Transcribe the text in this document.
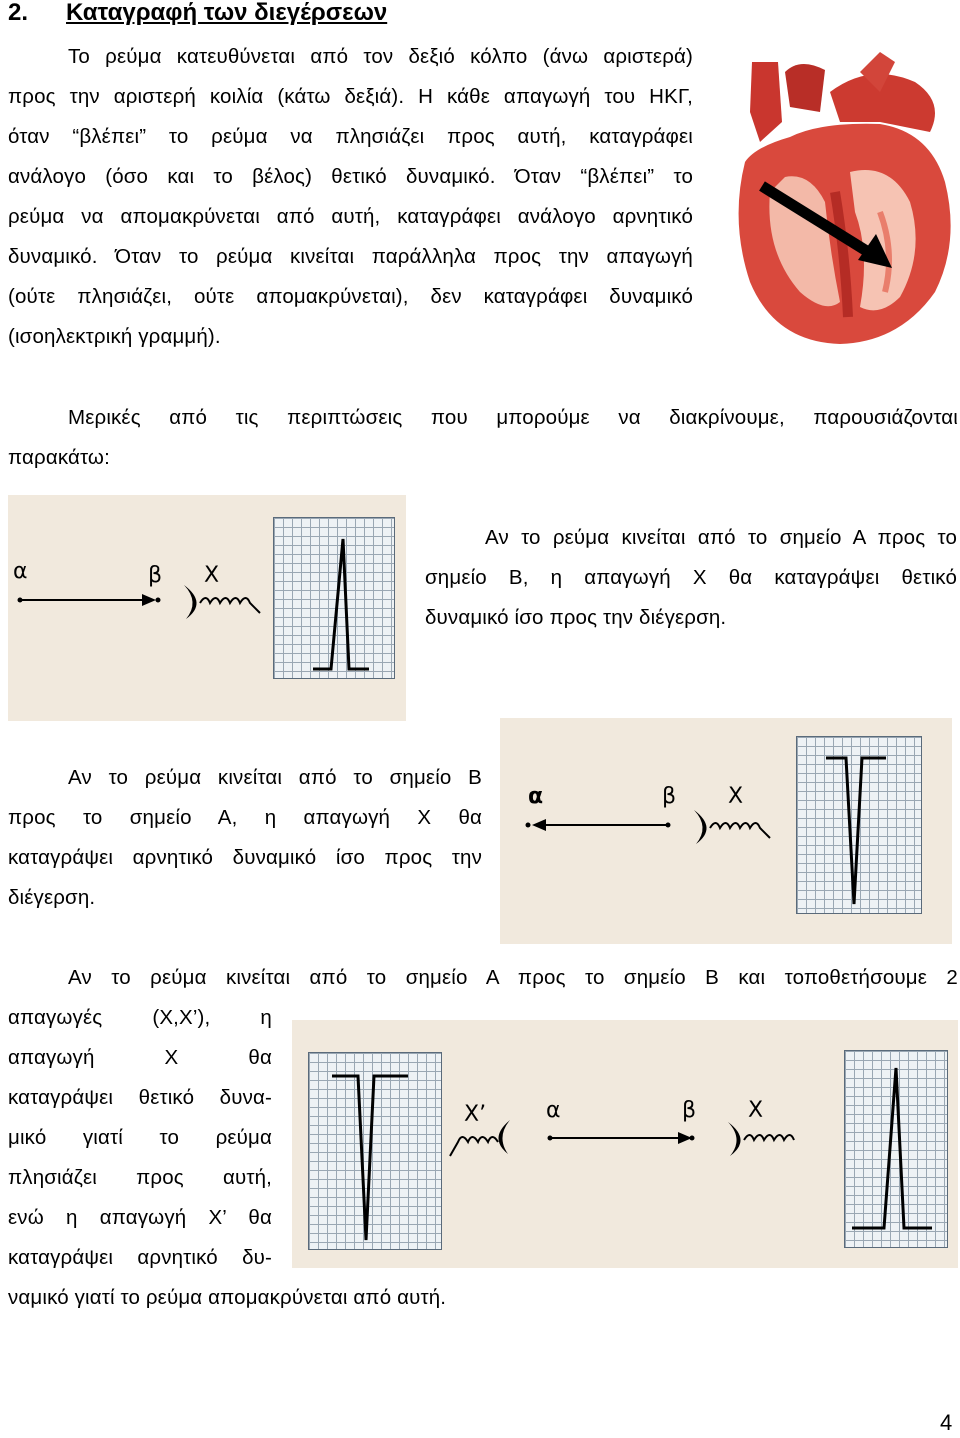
2. Καταγραφή των διεγέρσεων
Το ρεύμα κατευθύνεται από τον δεξιό κόλπο (άνω αριστερά)
προς την αριστερή κοιλία (κάτω δεξιά). Η κάθε απαγωγή του ΗΚΓ,
όταν “βλέπει” το ρεύμα να πλησιάζει προς αυτή, καταγράφει
ανάλογο (όσο και το βέλος) θετικό δυναμικό. Όταν “βλέπει” το
ρεύμα να απομακρύνεται από αυτή, καταγράφει ανάλογο αρνητικό
δυναμικό. Όταν το ρεύμα κινείται παράλληλα προς την απαγωγή
(ούτε πλησιάζει, ούτε απομακρύνεται), δεν καταγράφει δυναμικό
(ισοηλεκτρική γραμμή).
Μερικές από τις περιπτώσεις που μπορούμε να διακρίνουμε, παρουσιάζονται
παρακάτω:
α	β Χ
Αν το ρεύμα κινείται από το σημείο Α προς το
σημείο Β, η απαγωγή Χ θα καταγράψει θετικό
δυναμικό ίσο προς την διέγερση.
Αν το ρεύμα κινείται από το σημείο Β
προς το σημείο Α, η απαγωγή Χ θα
καταγράψει αρνητικό δυναμικό ίσο προς την
διέγερση.
α	β Χ
Αν το ρεύμα κινείται από το σημείο Α προς το σημείο Β και τοποθετήσουμε 2
απαγωγές (Χ,Χ’), η
απαγωγή Χ θα
καταγράψει θετικό δυνα-
μικό γιατί το ρεύμα
πλησιάζει προς αυτή,
ενώ η απαγωγή Χ’ θα
καταγράψει αρνητικό δυ-
ναμικό γιατί το ρεύμα απομακρύνεται από αυτή.
Χ’	α	β Χ
4
